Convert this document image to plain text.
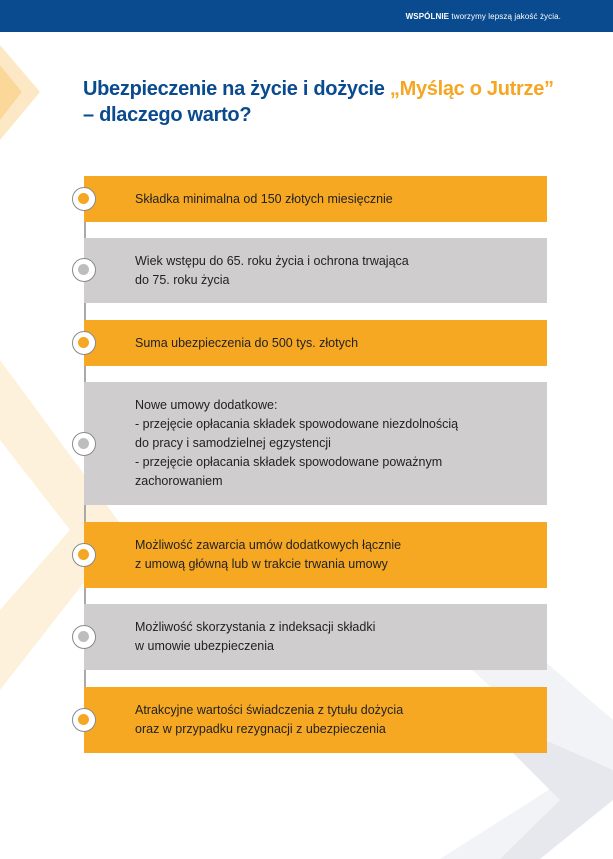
WSPÓLNIE tworzymy lepszą jakość życia.
Ubezpieczenie na życie i dożycie „Myśląc o Jutrze”
– dlaczego warto?
Składka minimalna od 150 złotych miesięcznie
Wiek wstępu do 65. roku życia i ochrona trwająca
do 75. roku życia
Suma ubezpieczenia do 500 tys. złotych
Nowe umowy dodatkowe:
- przejęcie opłacania składek spowodowane niezdolnością
do pracy i samodzielnej egzystencji
- przejęcie opłacania składek spowodowane poważnym
zachorowaniem
Możliwość zawarcia umów dodatkowych łącznie
z umową główną lub w trakcie trwania umowy
Możliwość skorzystania z indeksacji składki
w umowie ubezpieczenia
Atrakcyjne wartości świadczenia z tytułu dożycia
oraz w przypadku rezygnacji z ubezpieczenia
